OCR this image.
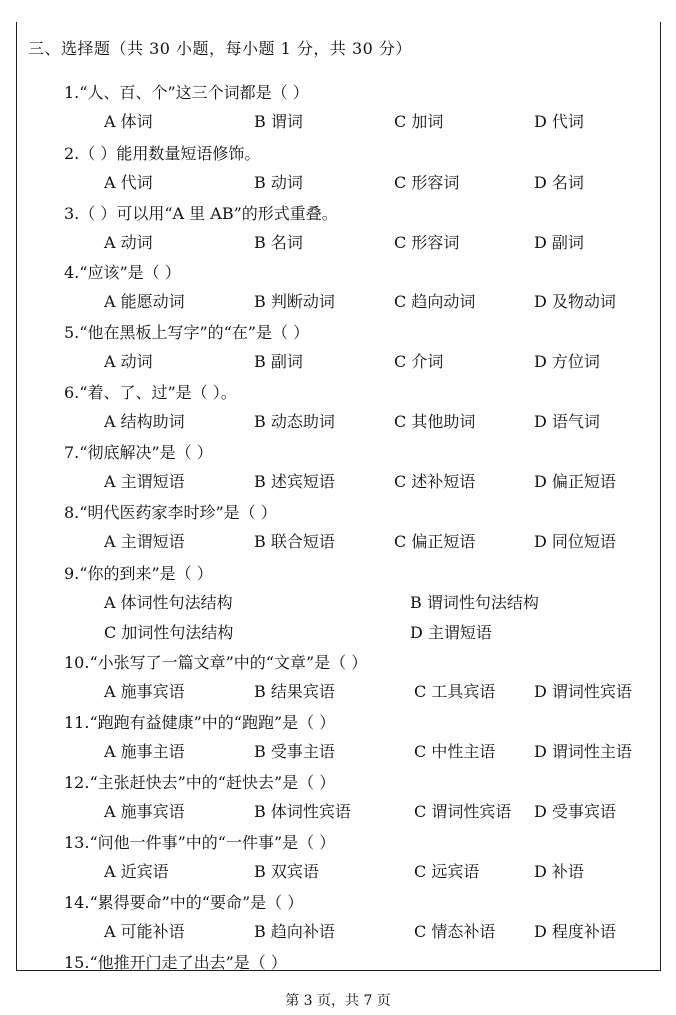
三、选择题（共 30 小题，每小题 1 分，共 30 分）
1.“人、百、个”这三个词都是（ ）
A 体词	B 谓词	C 加词	D 代词
2.（ ）能用数量短语修饰。
A 代词	B 动词	C 形容词	D 名词
3.（ ）可以用“A 里 AB”的形式重叠。
A 动词	B 名词	C 形容词	D 副词
4.“应该”是（ ）
A 能愿动词	B 判断动词	C 趋向动词	D 及物动词
5.“他在黑板上写字”的“在”是（ ）
A 动词	B 副词	C 介词	D 方位词
6.“着、了、过”是（ ）。
A 结构助词	B 动态助词	C 其他助词	D 语气词
7.“彻底解决”是（ ）
A 主谓短语	B 述宾短语	C 述补短语	D 偏正短语
8.“明代医药家李时珍”是（ ）
A 主谓短语	B 联合短语	C 偏正短语	D 同位短语
9.“你的到来”是（ ）
A 体词性句法结构	B 谓词性句法结构
C 加词性句法结构	D 主谓短语
10.“小张写了一篇文章”中的“文章”是（ ）
A 施事宾语	B 结果宾语	C 工具宾语 D 谓词性宾语
11.“跑跑有益健康”中的“跑跑”是（ ）
A 施事主语	B 受事主语	C 中性主语 D 谓词性主语
12.“主张赶快去”中的“赶快去”是（ ）
A 施事宾语	B 体词性宾语	C 谓词性宾语 D 受事宾语
13.“问他一件事”中的“一件事”是（ ）
A 近宾语	B 双宾语	C 远宾语	D 补语
14.“累得要命”中的“要命”是（ ）
A 可能补语	B 趋向补语	C 情态补语 D 程度补语
15.“他推开门走了出去”是（ ）
第 3 页，共 7 页
